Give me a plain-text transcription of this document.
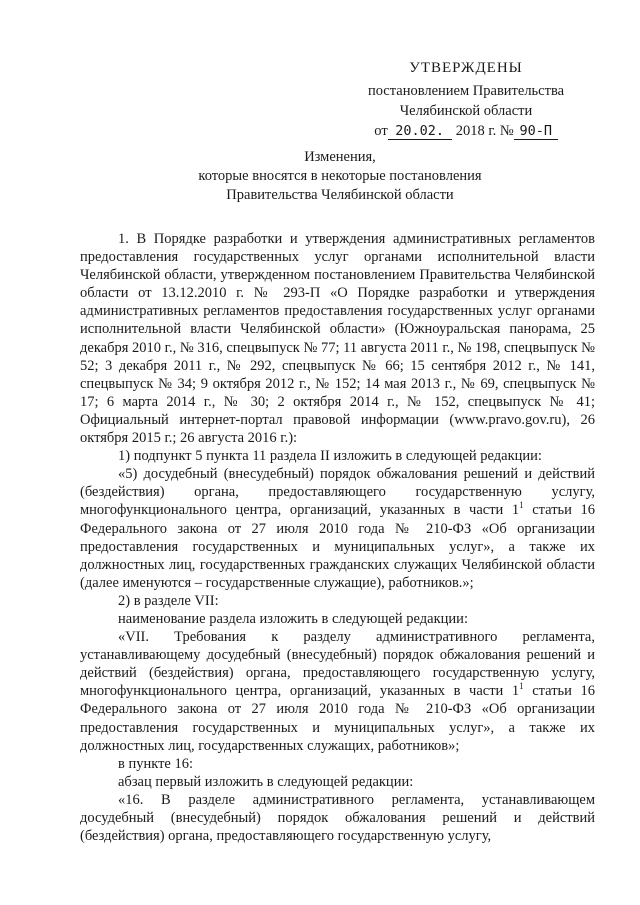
УТВЕРЖДЕНЫ
постановлением Правительства
Челябинской области
от 20.02. 2018 г. № 90-П
Изменения,
которые вносятся в некоторые постановления
Правительства Челябинской области

1. В Порядке разработки и утверждения административных регламентов предоставления государственных услуг органами исполнительной власти Челябинской области, утвержденном постановлением Правительства Челябинской области от 13.12.2010 г. № 293-П «О Порядке разработки и утверждения административных регламентов предоставления государственных услуг органами исполнительной власти Челябинской области» (Южноуральская панорама, 25 декабря 2010 г., № 316, спецвыпуск № 77; 11 августа 2011 г., № 198, спецвыпуск № 52; 3 декабря 2011 г., № 292, спецвыпуск № 66; 15 сентября 2012 г., № 141, спецвыпуск № 34; 9 октября 2012 г., № 152; 14 мая 2013 г., № 69, спецвыпуск № 17; 6 марта 2014 г., № 30; 2 октября 2014 г., № 152, спецвыпуск № 41; Официальный интернет-портал правовой информации (www.pravo.gov.ru), 26 октября 2015 г.; 26 августа 2016 г.):

1) подпункт 5 пункта 11 раздела II изложить в следующей редакции:

«5) досудебный (внесудебный) порядок обжалования решений и действий (бездействия) органа, предоставляющего государственную услугу, многофункционального центра, организаций, указанных в части $1^1$ статьи 16 Федерального закона от 27 июля 2010 года № 210-ФЗ «Об организации предоставления государственных и муниципальных услуг», а также их должностных лиц, государственных гражданских служащих Челябинской области (далее именуются – государственные служащие), работников.»;

2) в разделе VII:

наименование раздела изложить в следующей редакции:

«VII. Требования к разделу административного регламента, устанавливающему досудебный (внесудебный) порядок обжалования решений и действий (бездействия) органа, предоставляющего государственную услугу, многофункционального центра, организаций, указанных в части $1^1$ статьи 16 Федерального закона от 27 июля 2010 года № 210-ФЗ «Об организации предоставления государственных и муниципальных услуг», а также их должностных лиц, государственных служащих, работников»;

в пункте 16:

абзац первый изложить в следующей редакции:

«16. В разделе административного регламента, устанавливающем досудебный (внесудебный) порядок обжалования решений и действий (бездействия) органа, предоставляющего государственную услугу,
